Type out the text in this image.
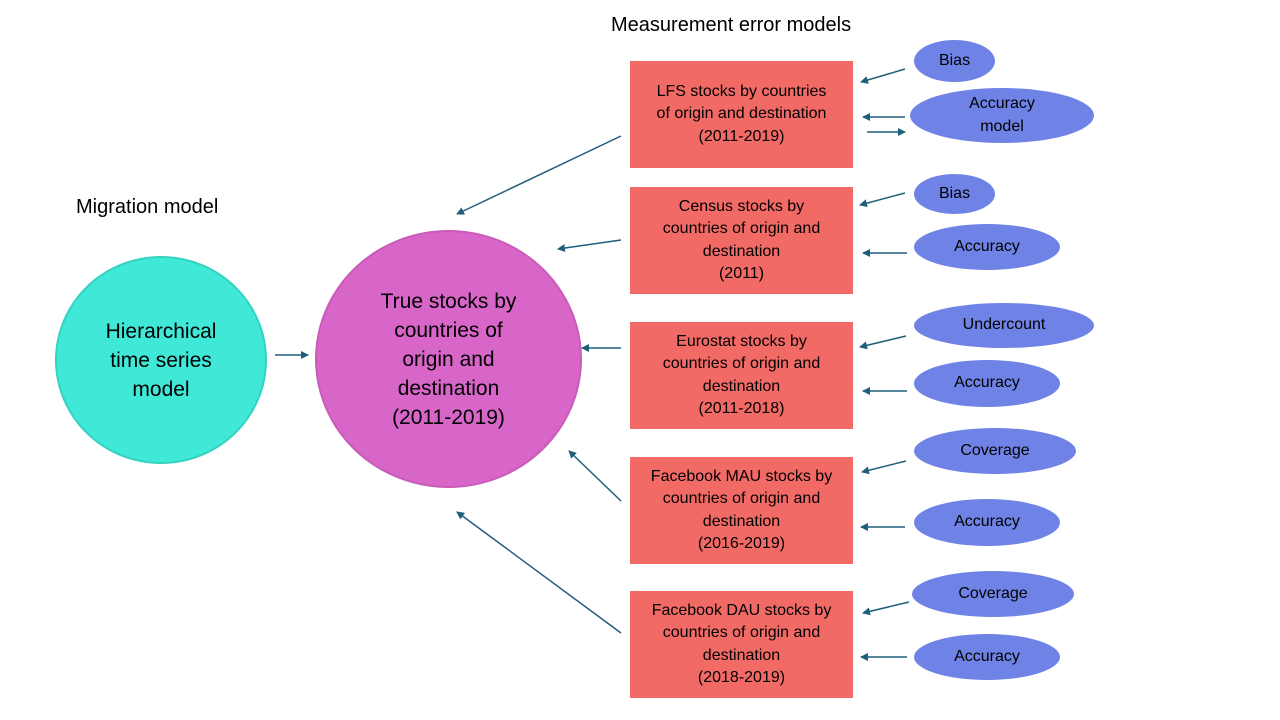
Migration model
Measurement error models
Hierarchical
time series
model
True stocks by
countries of
origin and
destination
(2011-2019)
LFS stocks by countries
of origin and destination
(2011-2019)
Census stocks by
countries of origin and
destination
(2011)
Eurostat stocks by
countries of origin and
destination
(2011-2018)
Facebook MAU stocks by
countries of origin and
destination
(2016-2019)
Facebook DAU stocks by
countries of origin and
destination
(2018-2019)
Bias
Accuracy
model
Bias
Accuracy
Undercount
Accuracy
Coverage
Accuracy
Coverage
Accuracy
